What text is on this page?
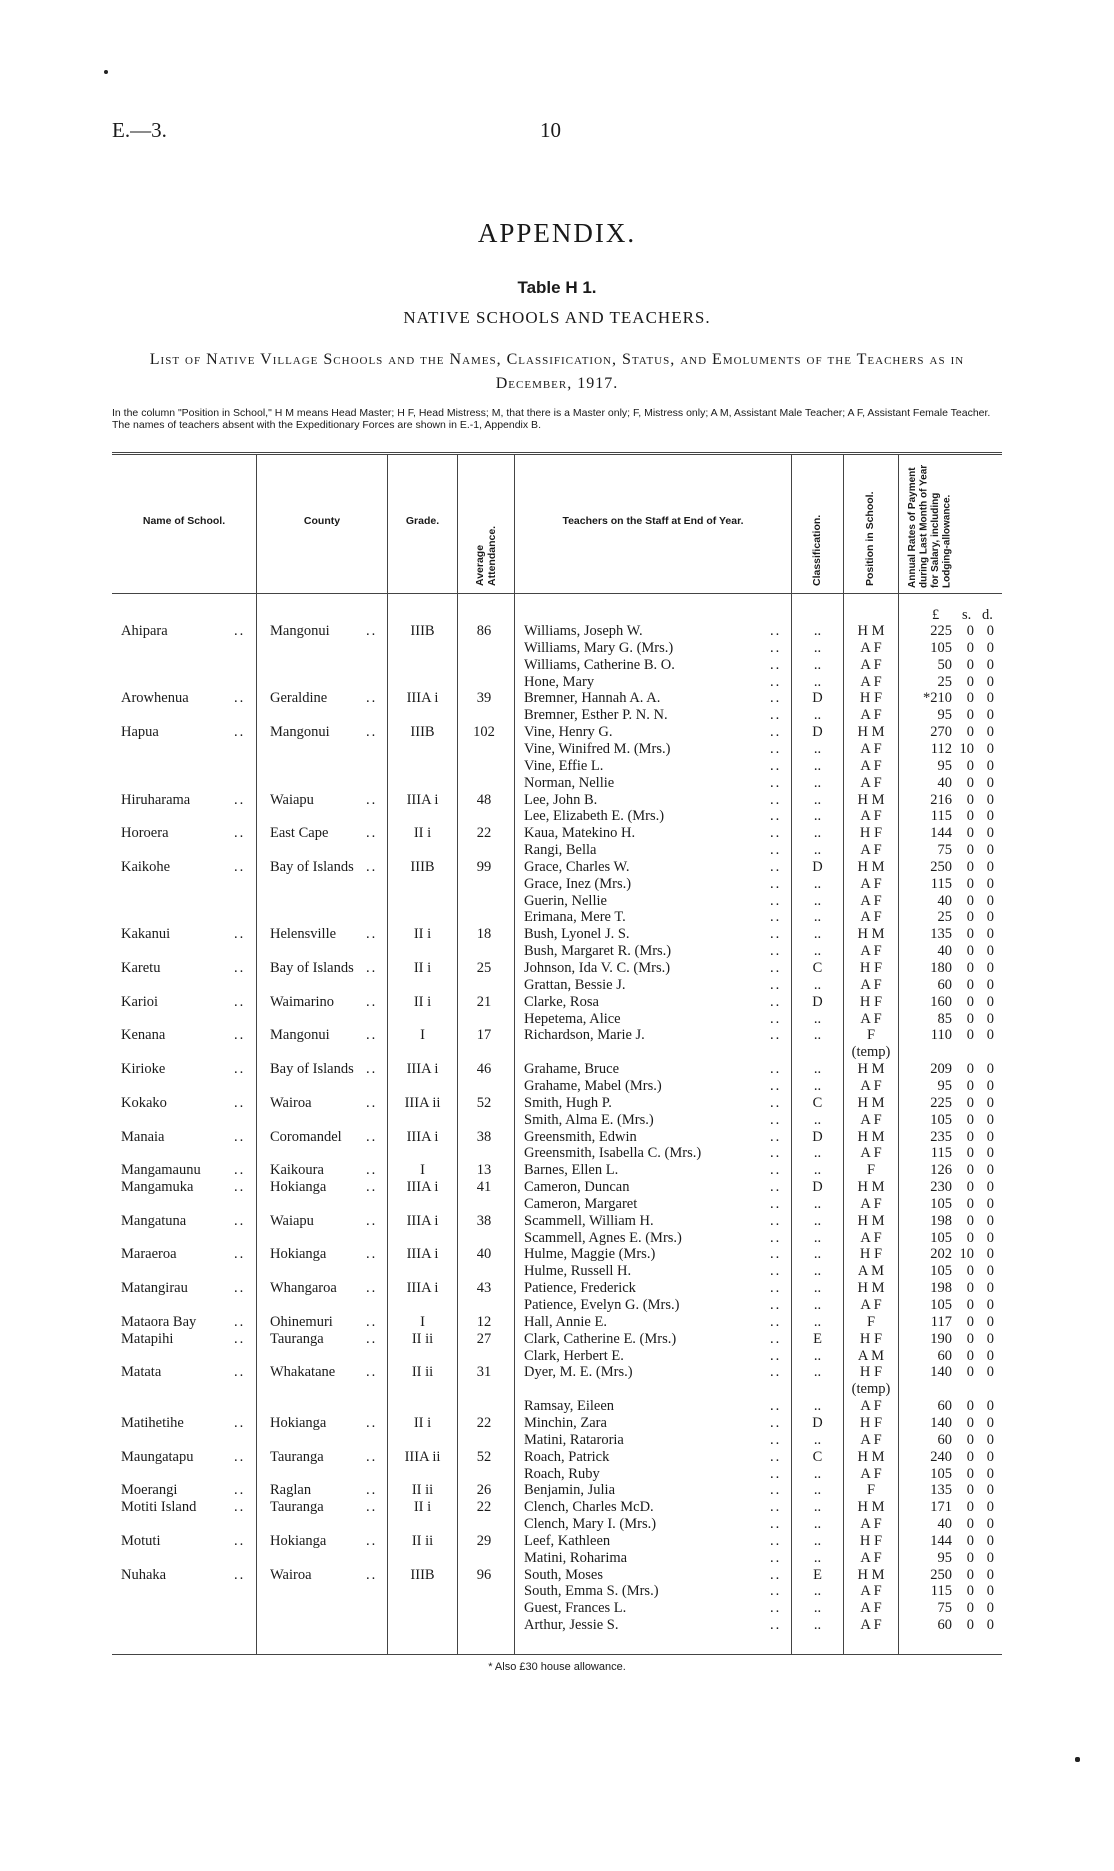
E.—3.	10
APPENDIX.
Table H 1.
NATIVE SCHOOLS AND TEACHERS.
List of Native Village Schools and the Names, Classification, Status, and Emoluments of the Teachers as in December, 1917.
In the column "Position in School," H M means Head Master; H F, Head Mistress; M, that there is a Master only; F, Mistress only; A M, Assistant Male Teacher; A F, Assistant Female Teacher. The names of teachers absent with the Expeditionary Forces are shown in E.-1, Appendix B.
Name of School.	County	Grade.
Average Attendance.
Teachers on the Staff at End of Year.	Classification.	Position in School.	Annual Rates of Payment during Last Month of Year for Salary, including Lodging-allowance.
£ s. d.
Ahipara	.. Mangonui	..	IIIB	86	Williams, Joseph W.	..	..	H M	225	0 0
Williams, Mary G. (Mrs.)	..	..	A F	105	0 0
Williams, Catherine B. O.	..	..	A F	50	0 0
Hone, Mary	..	..	A F	25	0 0
Arowhenua	.. Geraldine	..	IIIA i	39	Bremner, Hannah A. A.	..	D	H F	*210	0 0
Bremner, Esther P. N. N.	..	..	A F	95	0 0
Hapua	.. Mangonui	..	IIIB	102	Vine, Henry G.	..	D	H M	270	0 0
Vine, Winifred M. (Mrs.)	..	..	A F	112 10 0
Vine, Effie L.	..	..	A F	95	0 0
Norman, Nellie	..	..	A F	40	0 0
Hiruharama	.. Waiapu	..	IIIA i	48	Lee, John B.	..	..	H M	216	0 0
Lee, Elizabeth E. (Mrs.)	..	..	A F	115	0 0
Horoera	.. East Cape	..	II i	22	Kaua, Matekino H.	..	..	H F	144	0 0
Rangi, Bella	..	..	A F	75	0 0
Kaikohe	.. Bay of Islands ..	IIIB	99	Grace, Charles W.	..	D	H M	250	0 0
Grace, Inez (Mrs.)	..	..	A F	115	0 0
Guerin, Nellie	..	..	A F	40	0 0
Erimana, Mere T.	..	..	A F	25	0 0
Kakanui	.. Helensville ..	II i	18	Bush, Lyonel J. S.	..	..	H M	135	0 0
Bush, Margaret R. (Mrs.)	..	..	A F	40	0 0
Karetu	.. Bay of Islands ..	II i	25	Johnson, Ida V. C. (Mrs.)	..	C	H F	180	0 0
Grattan, Bessie J.	..	..	A F	60	0 0
Karioi	.. Waimarino ..	II i	21	Clarke, Rosa	..	D	H F	160	0 0
Hepetema, Alice	..	..	A F	85	0 0
Kenana	.. Mangonui	..	I	17	Richardson, Marie J.	..	..	F	110	0 0
(temp)
Kirioke	.. Bay of Islands ..	IIIA i	46	Grahame, Bruce	..	..	H M	209	0 0
Grahame, Mabel (Mrs.)	..	..	A F	95	0 0
Kokako	.. Wairoa	..	IIIA ii	52	Smith, Hugh P.	..	C	H M	225	0 0
Smith, Alma E. (Mrs.)	..	..	A F	105	0 0
Manaia	.. Coromandel ..	IIIA i	38	Greensmith, Edwin	..	D	H M	235	0 0
Greensmith, Isabella C. (Mrs.)	..	..	A F	115	0 0
Mangamaunu .. Kaikoura	..	I	13	Barnes, Ellen L.	..	..	F	126	0 0
Mangamuka	.. Hokianga	..	IIIA i	41	Cameron, Duncan	..	D	H M	230	0 0
Cameron, Margaret	..	..	A F	105	0 0
Mangatuna	.. Waiapu	..	IIIA i	38	Scammell, William H.	..	..	H M	198	0 0
Scammell, Agnes E. (Mrs.)	..	..	A F	105	0 0
Maraeroa	.. Hokianga	..	IIIA i	40	Hulme, Maggie (Mrs.)	..	..	H F	202 10 0
Hulme, Russell H.	..	..	A M	105	0 0
Matangirau	.. Whangaroa ..	IIIA i	43	Patience, Frederick	..	..	H M	198	0 0
Patience, Evelyn G. (Mrs.)	..	..	A F	105	0 0
Mataora Bay	.. Ohinemuri ..	I	12	Hall, Annie E.	..	..	F	117	0 0
Matapihi	.. Tauranga	..	II ii	27	Clark, Catherine E. (Mrs.)	..	E	H F	190	0 0
Clark, Herbert E.	..	..	A M	60	0 0
Matata	.. Whakatane ..	II ii	31	Dyer, M. E. (Mrs.)	..	..	H F	140	0 0
(temp)
Ramsay, Eileen	..	..	A F	60	0 0
Matihetihe	.. Hokianga	..	II i	22	Minchin, Zara	..	D	H F	140	0 0
Matini, Rataroria	..	..	A F	60	0 0
Maungatapu	.. Tauranga	..	IIIA ii	52	Roach, Patrick	..	C	H M	240	0 0
Roach, Ruby	..	..	A F	105	0 0
Moerangi	.. Raglan	..	II ii	26	Benjamin, Julia	..	..	F	135	0 0
Motiti Island	.. Tauranga	..	II i	22	Clench, Charles McD.	..	..	H M	171	0 0
Clench, Mary I. (Mrs.)	..	..	A F	40	0 0
Motuti	.. Hokianga	..	II ii	29	Leef, Kathleen	..	..	H F	144	0 0
Matini, Roharima	..	..	A F	95	0 0
Nuhaka	.. Wairoa	..	IIIB	96	South, Moses	..	E	H M	250	0 0
South, Emma S. (Mrs.)	..	..	A F	115	0 0
Guest, Frances L.	..	..	A F	75	0 0
Arthur, Jessie S.	..	..	A F	60	0 0
* Also £30 house allowance.
